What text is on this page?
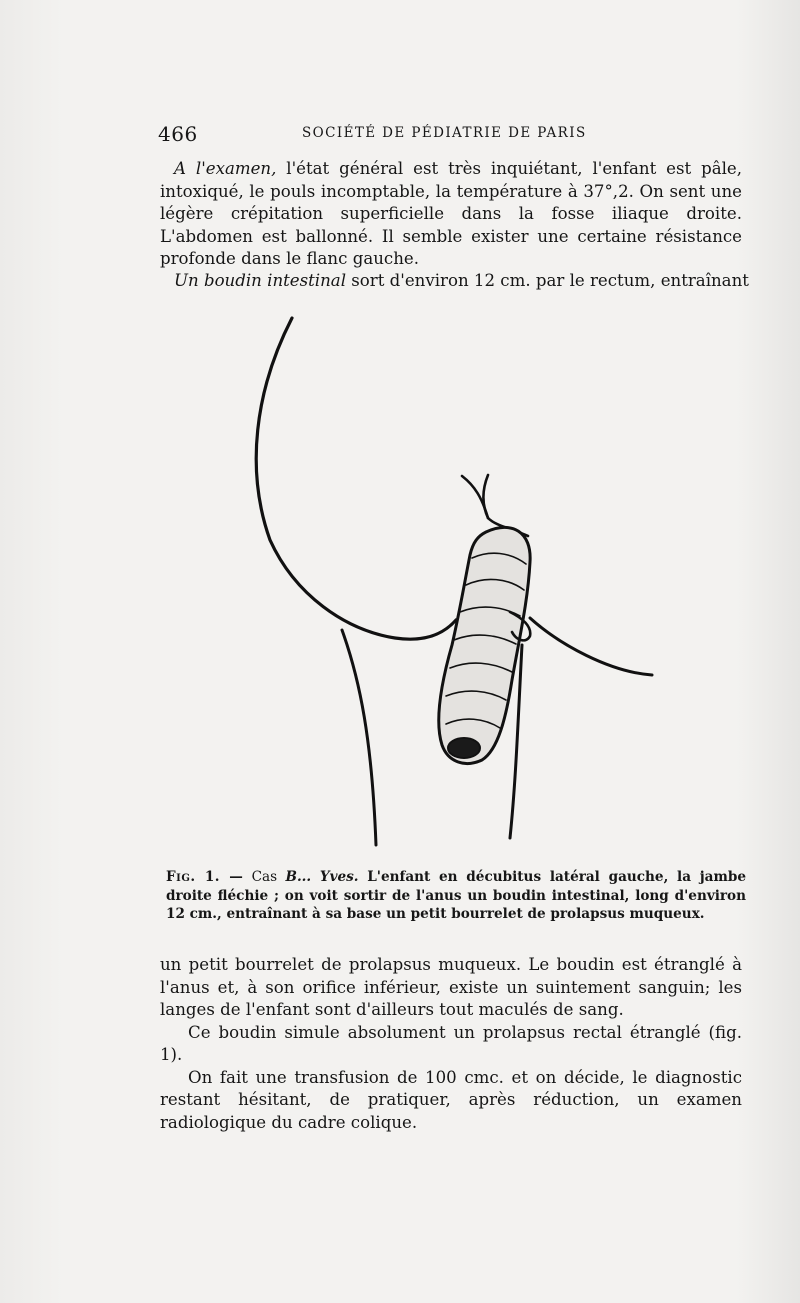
466	SOCIÉTÉ DE PÉDIATRIE DE PARIS
A l'examen, l'état général est très inquiétant, l'enfant est pâle, intoxiqué, le pouls incomptable, la température à 37°,2. On sent une légère crépitation superficielle dans la fosse iliaque droite. L'abdomen est ballonné. Il semble exister une certaine résistance profonde dans le flanc gauche.
Un boudin intestinal sort d'environ 12 cm. par le rectum, entraînant
Fig. 1. — Cas B... Yves. L'enfant en décubitus latéral gauche, la jambe droite fléchie ; on voit sortir de l'anus un boudin intestinal, long d'environ 12 cm., entraînant à sa base un petit bourrelet de prolapsus muqueux.

un petit bourrelet de prolapsus muqueux. Le boudin est étranglé à l'anus et, à son orifice inférieur, existe un suintement sanguin; les langes de l'enfant sont d'ailleurs tout maculés de sang.

Ce boudin simule absolument un prolapsus rectal étranglé (fig. 1).

On fait une transfusion de 100 cmc. et on décide, le diagnostic restant hésitant, de pratiquer, après réduction, un examen radiologique du cadre colique.
